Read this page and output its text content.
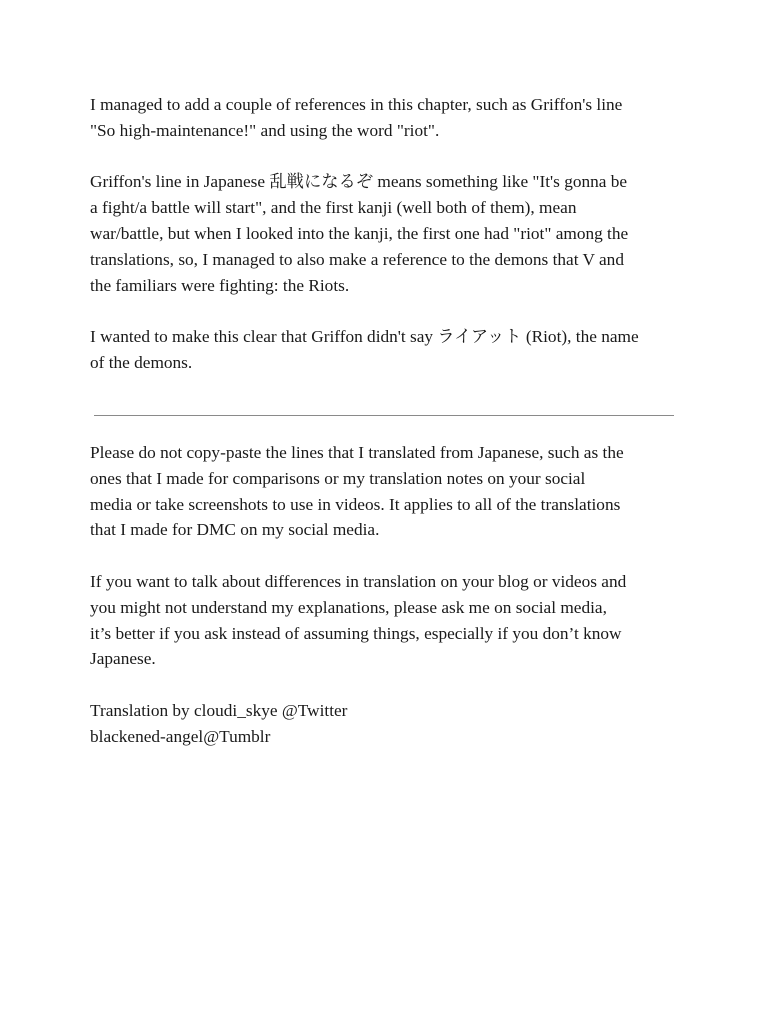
I managed to add a couple of references in this chapter, such as Griffon's line
"So high-maintenance!" and using the word "riot".

Griffon's line in Japanese 乱戦になるぞ means something like "It's gonna be
a fight/a battle will start", and the first kanji (well both of them), mean
war/battle, but when I looked into the kanji, the first one had "riot" among the
translations, so, I managed to also make a reference to the demons that V and
the familiars were fighting: the Riots.

I wanted to make this clear that Griffon didn't say ライアット (Riot), the name
of the demons.

Please do not copy-paste the lines that I translated from Japanese, such as the
ones that I made for comparisons or my translation notes on your social
media or take screenshots to use in videos. It applies to all of the translations
that I made for DMC on my social media.

If you want to talk about differences in translation on your blog or videos and
you might not understand my explanations, please ask me on social media,
it’s better if you ask instead of assuming things, especially if you don’t know
Japanese.

Translation by cloudi_skye @Twitter

blackened-angel@Tumblr
